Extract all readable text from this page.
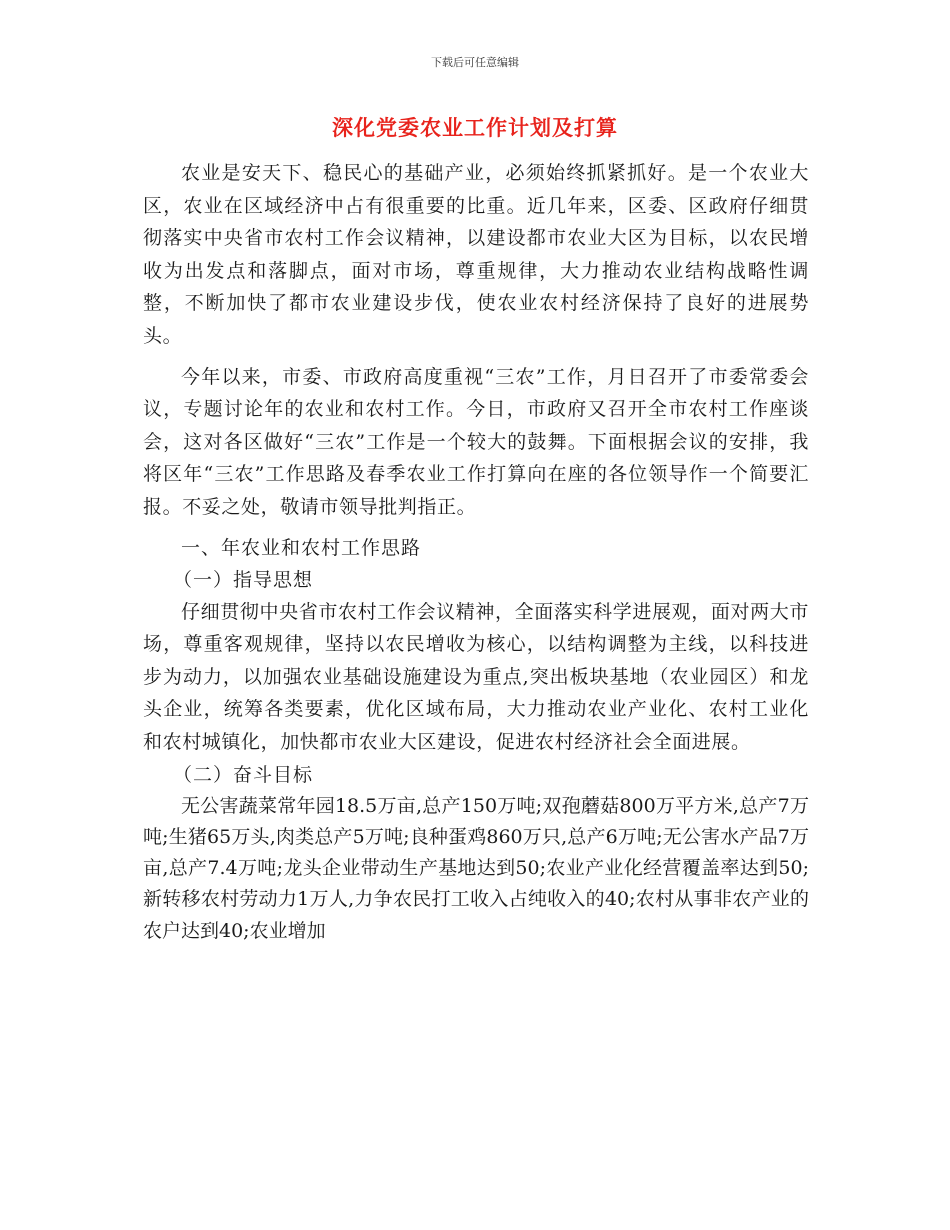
下载后可任意编辑
深化党委农业工作计划及打算

农业是安天下、稳民心的基础产业，必须始终抓紧抓好。是一个农业大区，农业在区域经济中占有很重要的比重。近几年来，区委、区政府仔细贯彻落实中央省市农村工作会议精神，以建设都市农业大区为目标，以农民增收为出发点和落脚点，面对市场，尊重规律，大力推动农业结构战略性调整，不断加快了都市农业建设步伐，使农业农村经济保持了良好的进展势头。

今年以来，市委、市政府高度重视“三农”工作，月日召开了市委常委会议，专题讨论年的农业和农村工作。今日，市政府又召开全市农村工作座谈会，这对各区做好“三农”工作是一个较大的鼓舞。下面根据会议的安排，我将区年“三农”工作思路及春季农业工作打算向在座的各位领导作一个简要汇报。不妥之处，敬请市领导批判指正。

一、年农业和农村工作思路

（一）指导思想

仔细贯彻中央省市农村工作会议精神，全面落实科学进展观，面对两大市场，尊重客观规律，坚持以农民增收为核心，以结构调整为主线，以科技进步为动力，以加强农业基础设施建设为重点,突出板块基地（农业园区）和龙头企业，统筹各类要素，优化区域布局，大力推动农业产业化、农村工业化和农村城镇化，加快都市农业大区建设，促进农村经济社会全面进展。

（二）奋斗目标

无公害蔬菜常年园18.5万亩,总产150万吨;双孢蘑菇800万平方米,总产7万吨;生猪65万头,肉类总产5万吨;良种蛋鸡860万只,总产6万吨;无公害水产品7万亩,总产7.4万吨;龙头企业带动生产基地达到50;农业产业化经营覆盖率达到50;新转移农村劳动力1万人,力争农民打工收入占纯收入的40;农村从事非农产业的农户达到40;农业增加
